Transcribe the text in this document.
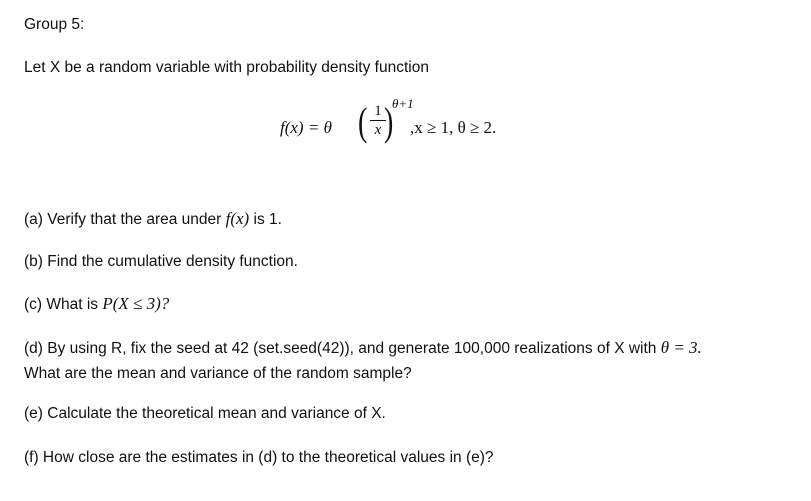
Group 5:
Let X be a random variable with probability density function
f(x) = θ ( 1
x )
θ+1
,x ≥ 1, θ ≥ 2.
(a) Verify that the area under f(x) is 1.
(b) Find the cumulative density function.
(c) What is P(X ≤ 3)?
(d) By using R, fix the seed at 42 (set.seed(42)), and generate 100,000 realizations of X with θ = 3.
What are the mean and variance of the random sample?
(e) Calculate the theoretical mean and variance of X.
(f) How close are the estimates in (d) to the theoretical values in (e)?
